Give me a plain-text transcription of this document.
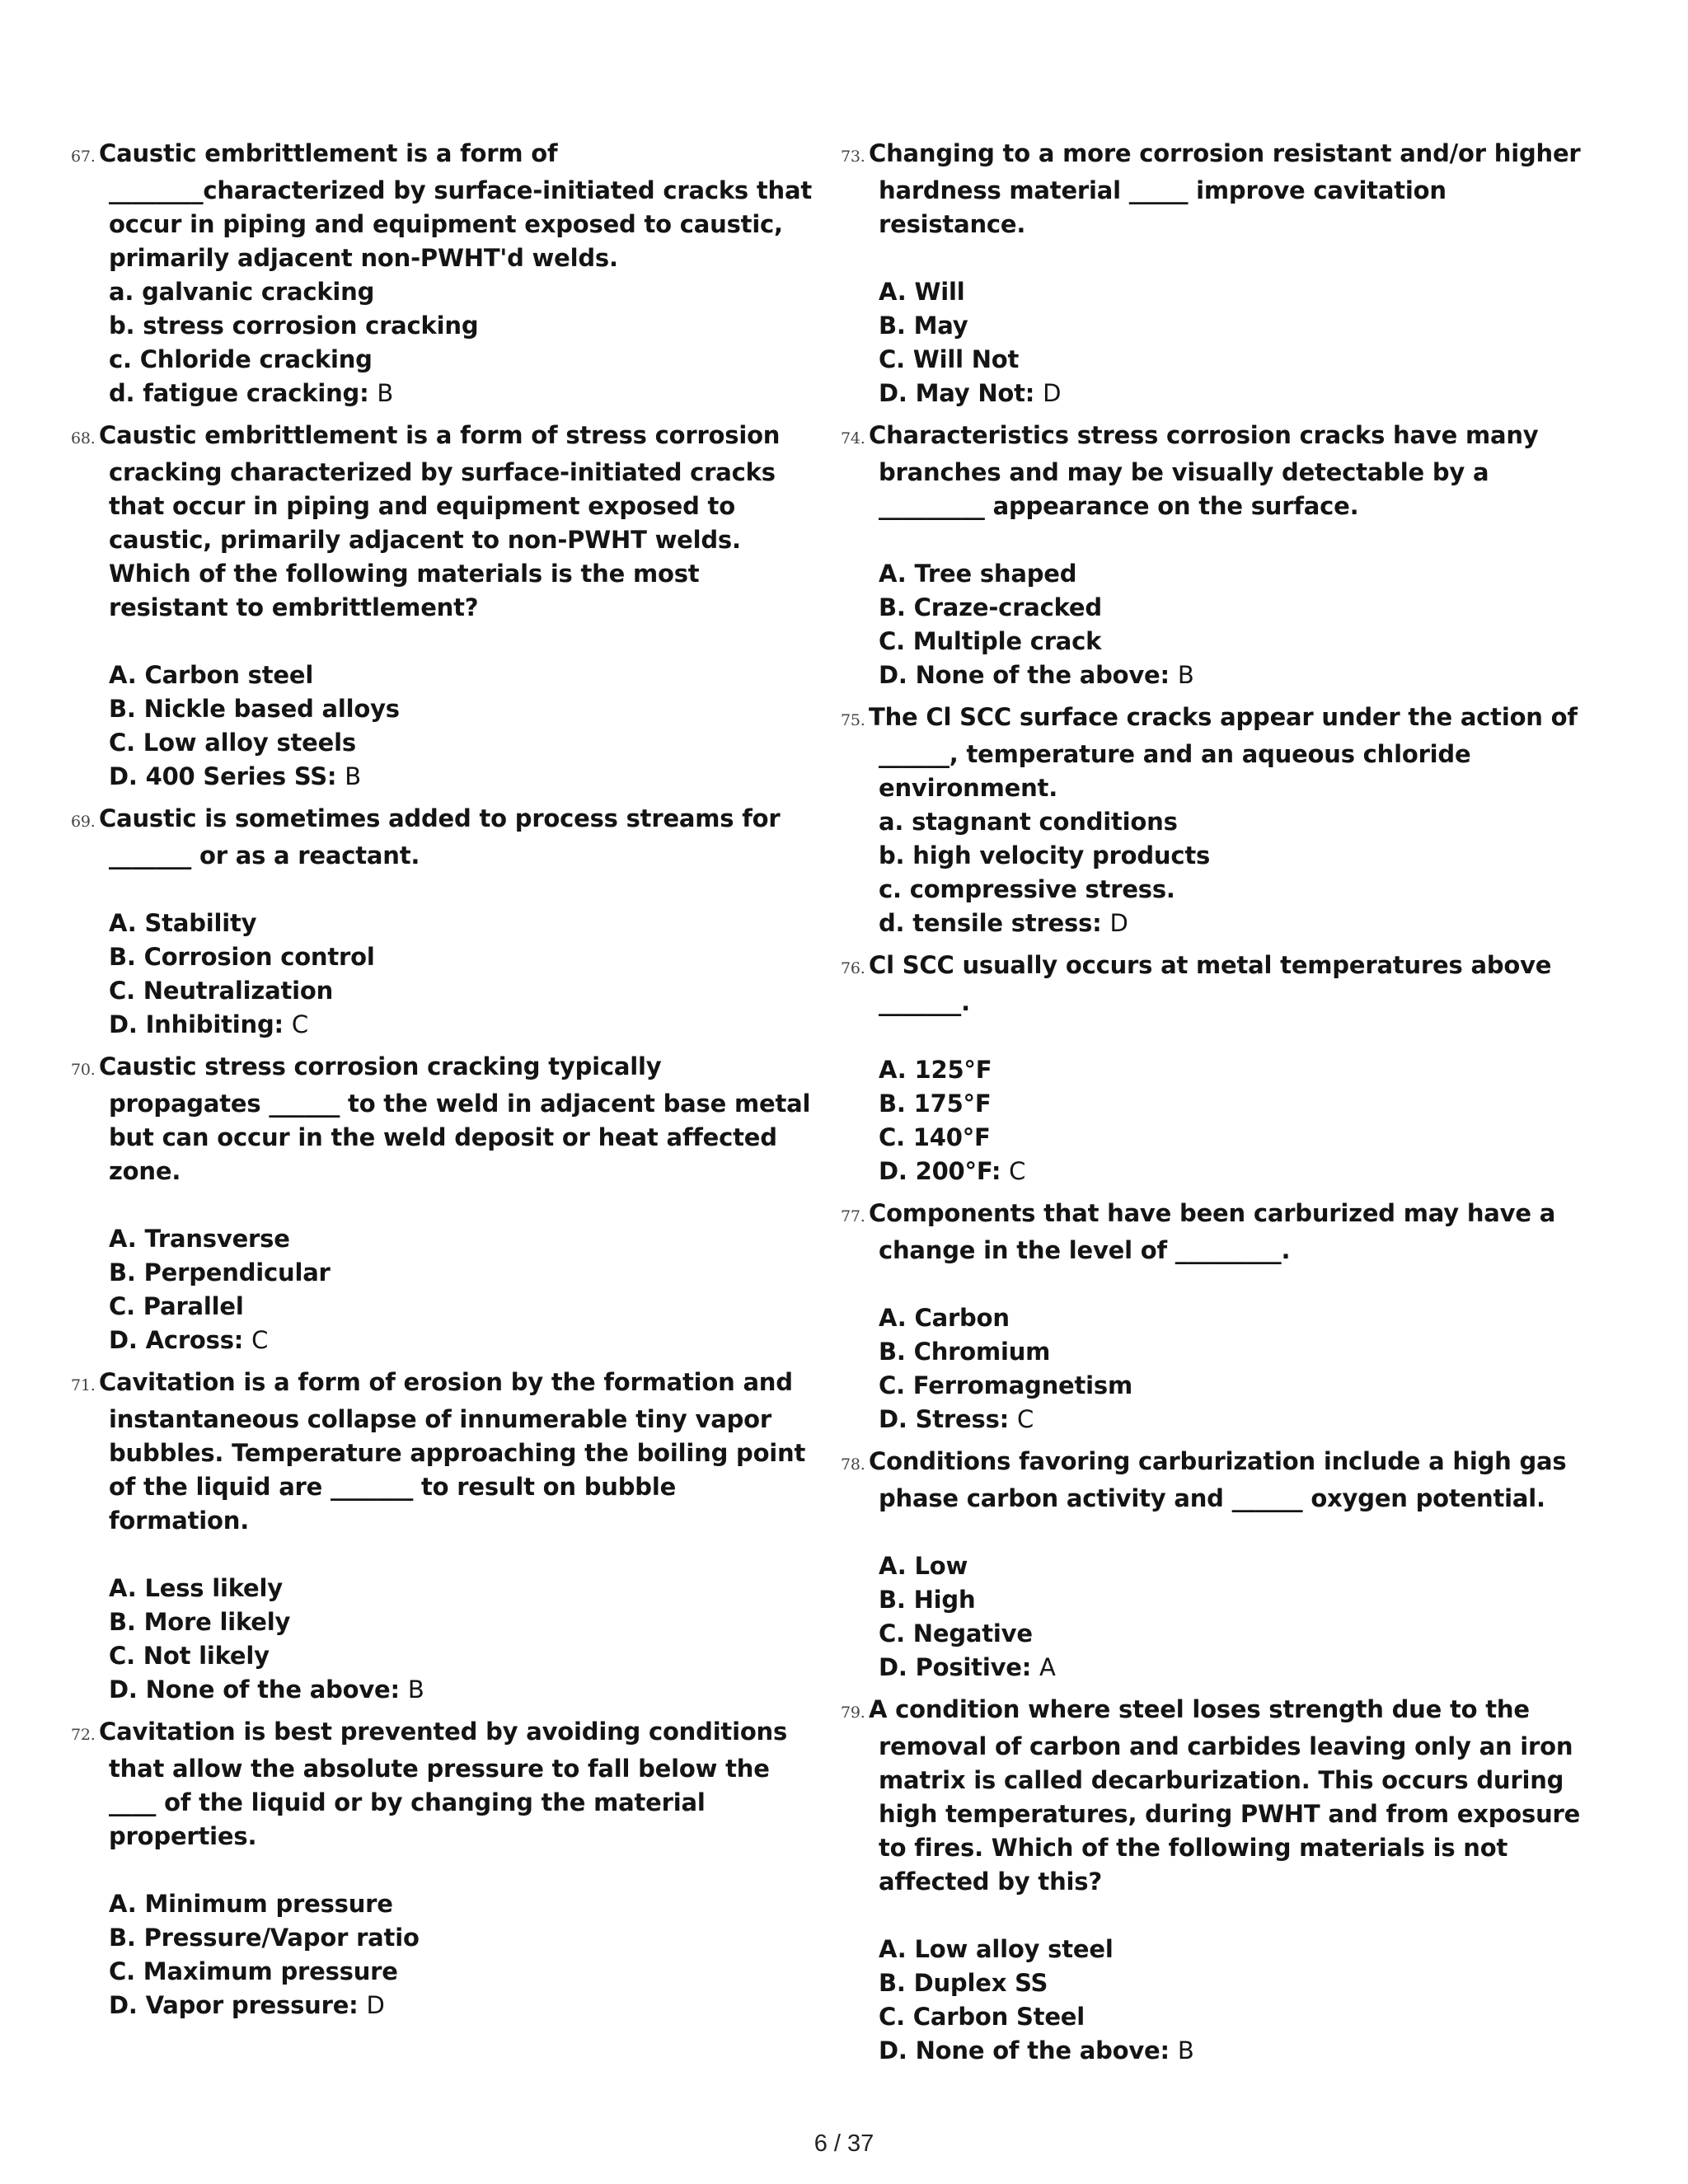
67. Caustic embrittlement is a form of ________characterized by surface-initiated cracks that occur in piping and equipment exposed to caustic, primarily adjacent non-PWHT'd welds.
a. galvanic cracking
b. stress corrosion cracking
c. Chloride cracking
d. fatigue cracking: B
68. Caustic embrittlement is a form of stress corrosion cracking characterized by surface-initiated cracks that occur in piping and equipment exposed to caustic, primarily adjacent to non-PWHT welds. Which of the following materials is the most resistant to embrittlement?
A. Carbon steel
B. Nickle based alloys
C. Low alloy steels
D. 400 Series SS: B
69. Caustic is sometimes added to process streams for _______ or as a reactant.
A. Stability
B. Corrosion control
C. Neutralization
D. Inhibiting: C
70. Caustic stress corrosion cracking typically propagates ______ to the weld in adjacent base metal but can occur in the weld deposit or heat affected zone.
A. Transverse
B. Perpendicular
C. Parallel
D. Across: C
71. Cavitation is a form of erosion by the formation and instantaneous collapse of innumerable tiny vapor bubbles. Temperature approaching the boiling point of the liquid are _______ to result on bubble formation.
A. Less likely
B. More likely
C. Not likely
D. None of the above: B
72. Cavitation is best prevented by avoiding conditions that allow the absolute pressure to fall below the ____ of the liquid or by changing the material properties.
A. Minimum pressure
B. Pressure/Vapor ratio
C. Maximum pressure
D. Vapor pressure: D
73. Changing to a more corrosion resistant and/or higher hardness material _____ improve cavitation resistance.
A. Will
B. May
C. Will Not
D. May Not: D
74. Characteristics stress corrosion cracks have many branches and may be visually detectable by a _________ appearance on the surface.
A. Tree shaped
B. Craze-cracked
C. Multiple crack
D. None of the above: B
75. The Cl SCC surface cracks appear under the action of ______, temperature and an aqueous chloride environment.
a. stagnant conditions
b. high velocity products
c. compressive stress.
d. tensile stress: D
76. Cl SCC usually occurs at metal temperatures above _______.
A. 125°F
B. 175°F
C. 140°F
D. 200°F: C
77. Components that have been carburized may have a change in the level of _________.
A. Carbon
B. Chromium
C. Ferromagnetism
D. Stress: C
78. Conditions favoring carburization include a high gas phase carbon activity and ______ oxygen potential.
A. Low
B. High
C. Negative
D. Positive: A
79. A condition where steel loses strength due to the removal of carbon and carbides leaving only an iron matrix is called decarburization. This occurs during high temperatures, during PWHT and from exposure to fires. Which of the following materials is not affected by this?
A. Low alloy steel
B. Duplex SS
C. Carbon Steel
D. None of the above: B
6 / 37
